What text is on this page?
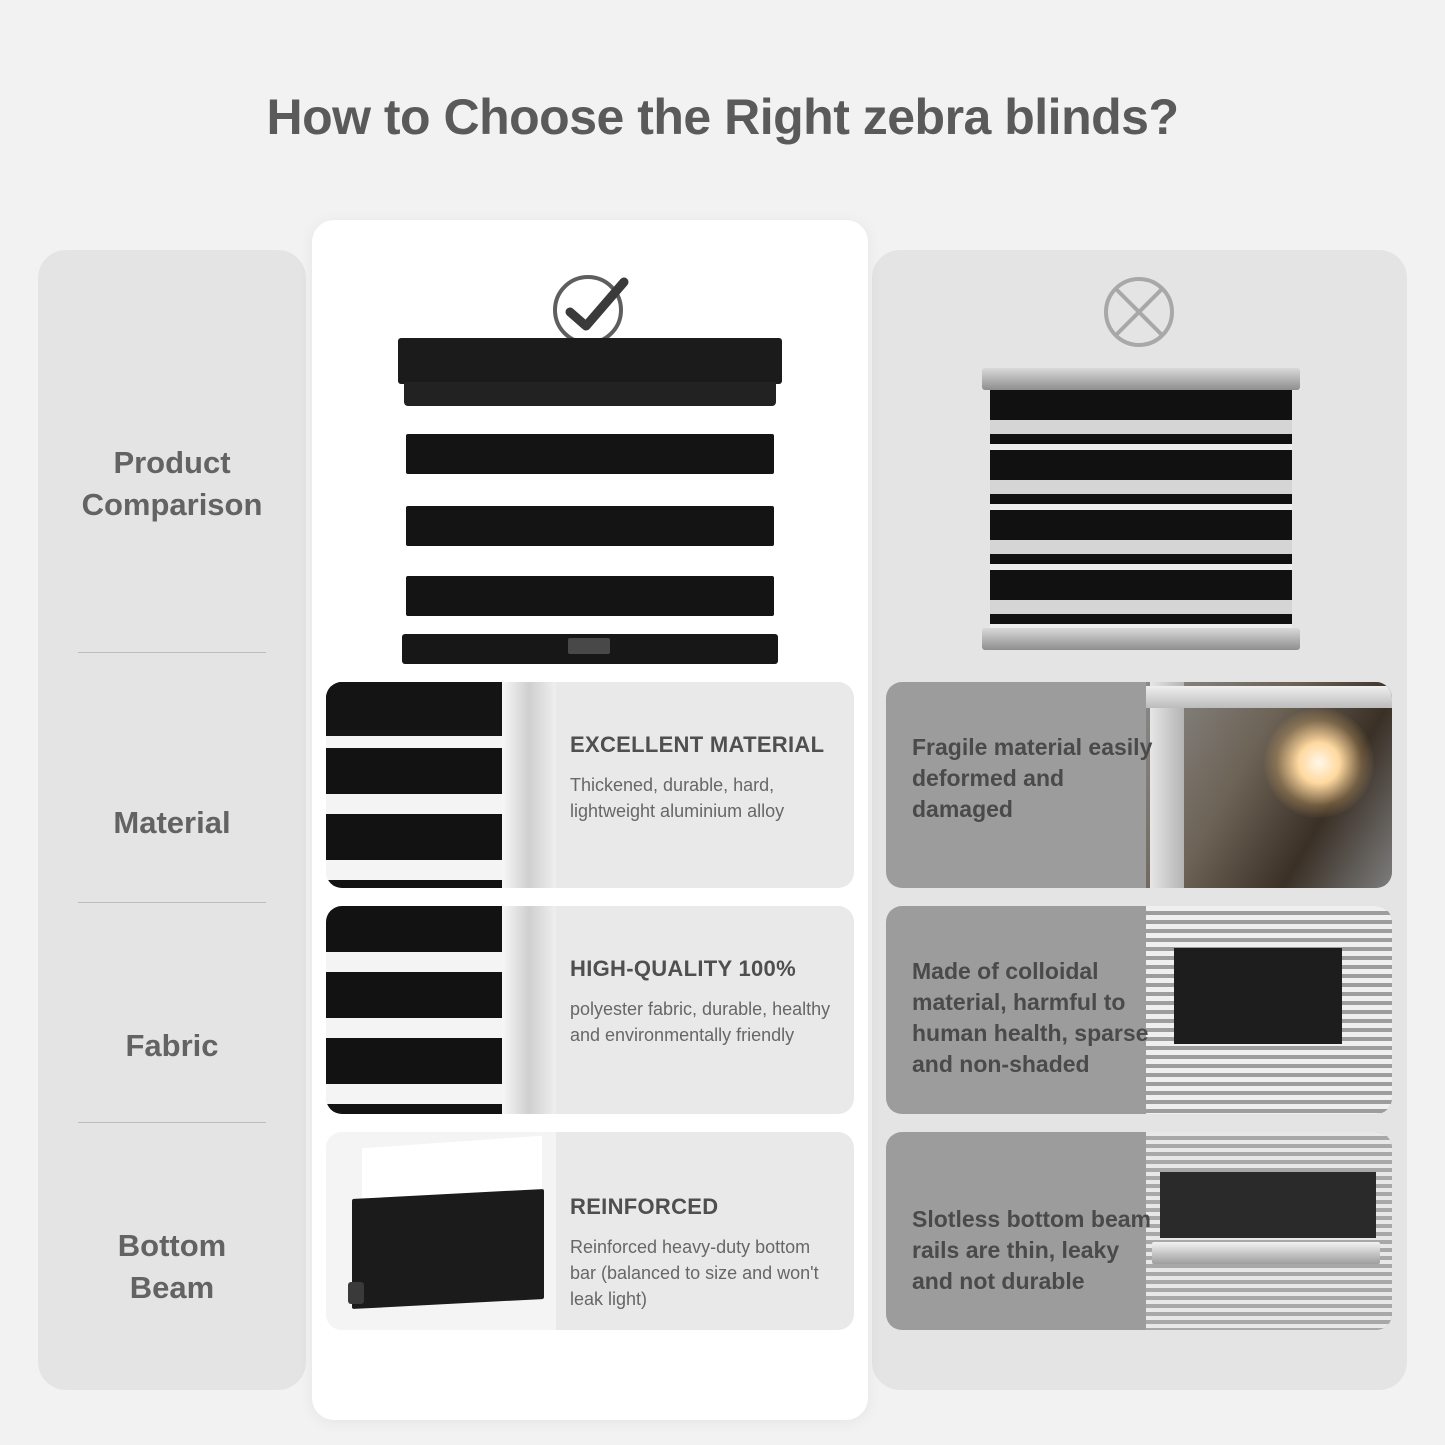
How to Choose the Right zebra blinds?
Product
Comparison
Material
Fabric
Bottom
Beam
EXCELLENT MATERIAL
Thickened, durable, hard, lightweight aluminium alloy
HIGH-QUALITY 100%
polyester fabric, durable, healthy and environmentally friendly
REINFORCED
Reinforced heavy-duty bottom bar (balanced to size and won't leak light)
Fragile material easily deformed and damaged
Made of colloidal material, harmful to human health, sparse and non-shaded
Slotless bottom beam rails are thin, leaky and not durable
